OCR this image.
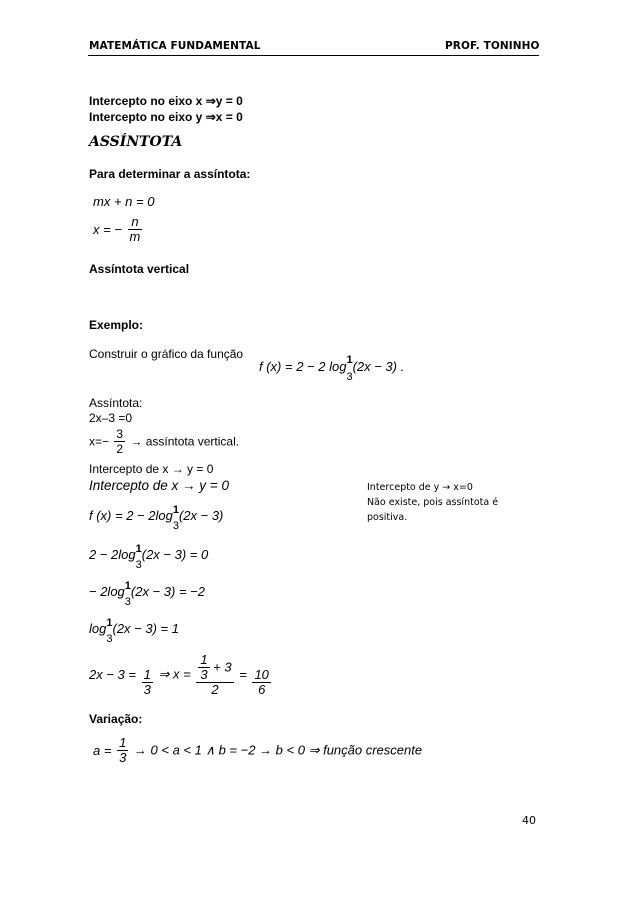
MATEMÁTICA FUNDAMENTAL	PROF. TONINHO
Intercepto no eixo x ⇒y = 0
Intercepto no eixo y ⇒x = 0
ASSÍNTOTA
Para determinar a assíntota:
mx + n = 0
x = − $\frac{n}{m}$
Assíntota vertical
Exemplo:
Construir o gráfico da função
f (x) = 2 − 2 log 1
3
(2x − 3) .
Assíntota:
2x–3 =0
$x=- \frac{3}{2}$ → assíntota vertical.
Intercepto de x → y = 0
Intercepto de x → y = 0
f (x) = 2 − 2log 1
3
(2x − 3)
2 − 2log 1
3
(2x − 3) = 0
− 2log 1
3
(2x − 3) = −2
log 1
3
(2x − 3) = 1
$2x - 3 = \frac{1}{3}$ ⇒ $x = \frac{\frac{1}{3} + 3}{2} = \frac{10}{6}$
Intercepto de y → x=0
Não existe, pois assíntota é
positiva.
Variação:
$a = \frac{1}{3} \to 0 < a < 1$ ∧ b = −2 → b < 0 ⇒ função crescente
40
